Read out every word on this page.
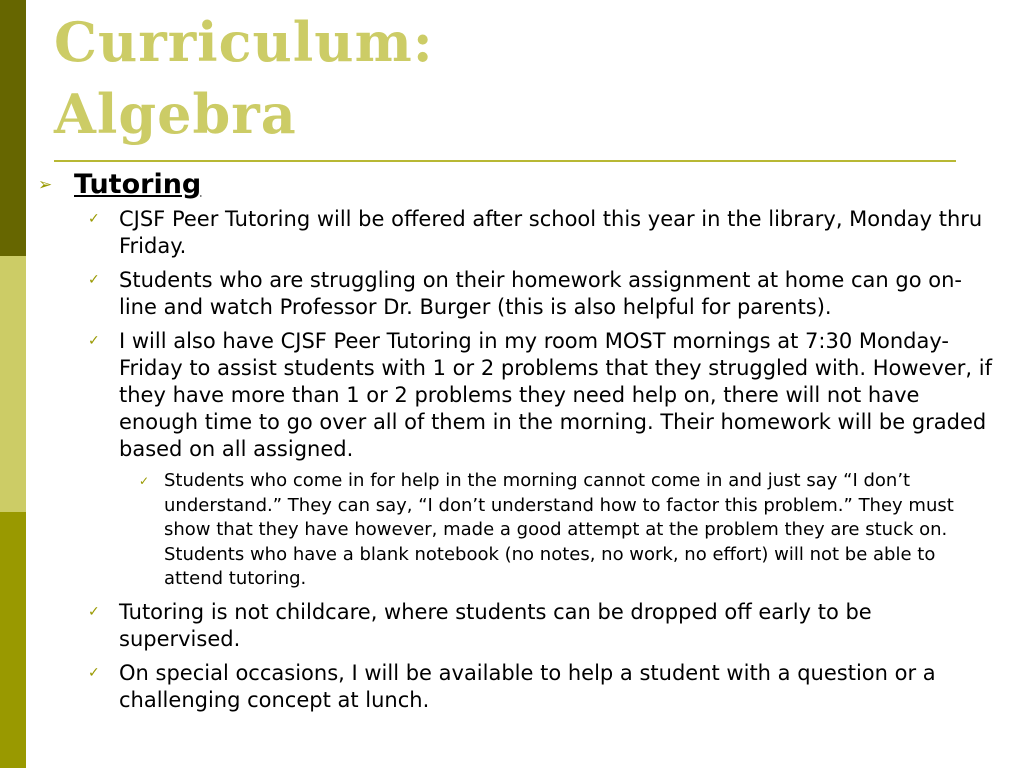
Curriculum:
Algebra
➢ Tutoring
✓ CJSF Peer Tutoring will be offered after school this year in the library, Monday thru Friday.
✓ Students who are struggling on their homework assignment at home can go on-line and watch Professor Dr. Burger (this is also helpful for parents).
✓ I will also have CJSF Peer Tutoring in my room MOST mornings at 7:30 Monday-Friday to assist students with 1 or 2 problems that they struggled with. However, if they have more than 1 or 2 problems they need help on, there will not have enough time to go over all of them in the morning. Their homework will be graded based on all assigned.
✓ Students who come in for help in the morning cannot come in and just say “I don’t understand.” They can say, “I don’t understand how to factor this problem.” They must show that they have however, made a good attempt at the problem they are stuck on. Students who have a blank notebook (no notes, no work, no effort) will not be able to attend tutoring.
✓ Tutoring is not childcare, where students can be dropped off early to be supervised.
✓ On special occasions, I will be available to help a student with a question or a challenging concept at lunch.
